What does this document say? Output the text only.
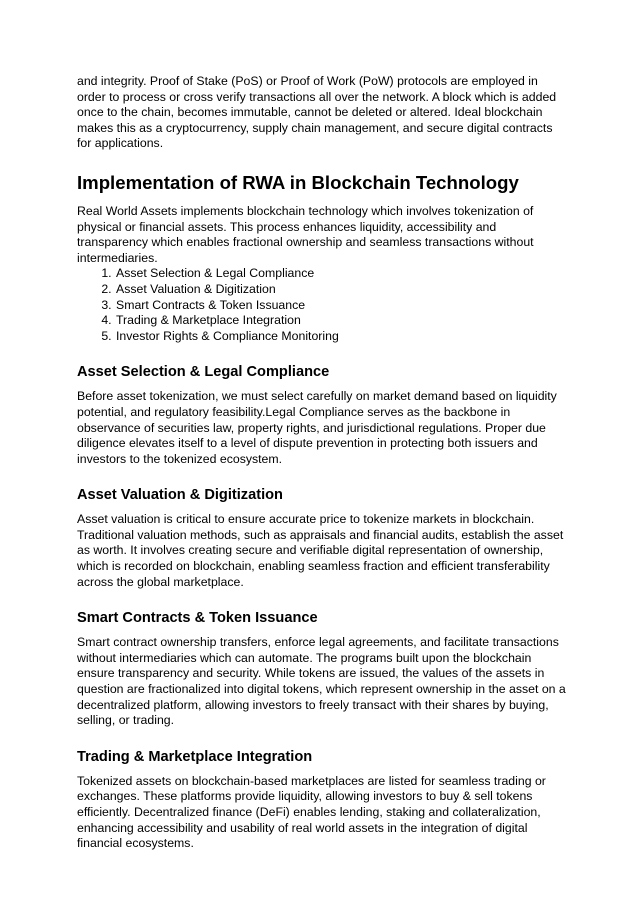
and integrity. Proof of Stake (PoS) or Proof of Work (PoW) protocols are employed in order to process or cross verify transactions all over the network. A block which is added once to the chain, becomes immutable, cannot be deleted or altered. Ideal blockchain makes this as a cryptocurrency, supply chain management, and secure digital contracts for applications.

Implementation of RWA in Blockchain Technology

Real World Assets implements blockchain technology which involves tokenization of physical or financial assets. This process enhances liquidity, accessibility and transparency which enables fractional ownership and seamless transactions without intermediaries.

1. Asset Selection & Legal Compliance
2. Asset Valuation & Digitization
3. Smart Contracts & Token Issuance
4. Trading & Marketplace Integration
5. Investor Rights & Compliance Monitoring
Asset Selection & Legal Compliance

Before asset tokenization, we must select carefully on market demand based on liquidity potential, and regulatory feasibility.Legal Compliance serves as the backbone in observance of securities law, property rights, and jurisdictional regulations. Proper due diligence elevates itself to a level of dispute prevention in protecting both issuers and investors to the tokenized ecosystem.

Asset Valuation & Digitization

Asset valuation is critical to ensure accurate price to tokenize markets in blockchain. Traditional valuation methods, such as appraisals and financial audits, establish the asset as worth. It involves creating secure and verifiable digital representation of ownership, which is recorded on blockchain, enabling seamless fraction and efficient transferability across the global marketplace.

Smart Contracts & Token Issuance

Smart contract ownership transfers, enforce legal agreements, and facilitate transactions without intermediaries which can automate. The programs built upon the blockchain ensure transparency and security. While tokens are issued, the values of the assets in question are fractionalized into digital tokens, which represent ownership in the asset on a decentralized platform, allowing investors to freely transact with their shares by buying, selling, or trading.

Trading & Marketplace Integration

Tokenized assets on blockchain-based marketplaces are listed for seamless trading or exchanges. These platforms provide liquidity, allowing investors to buy & sell tokens efficiently. Decentralized finance (DeFi) enables lending, staking and collateralization, enhancing accessibility and usability of real world assets in the integration of digital financial ecosystems.
